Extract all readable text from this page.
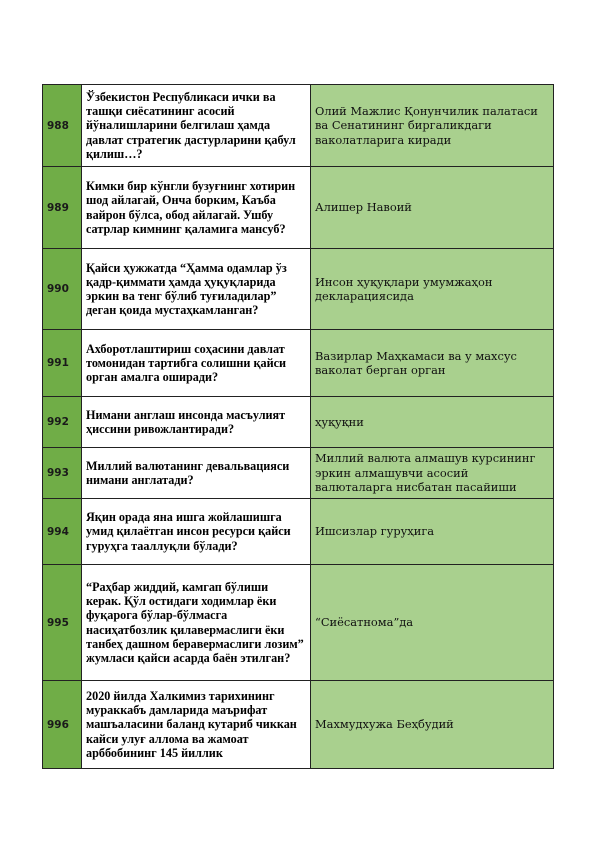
988	Ўзбекистон Республикаси ички ва ташқи сиёсатининг асосий йўналишларини белгилаш ҳамда давлат стратегик дастурларини қабул қилиш…?	Олий Мажлис Қонунчилик палатаси ва Сенатининг биргаликдаги ваколатларига киради
989	Кимки бир кўнгли бузуғнинг хотирин шод айлагай, Онча борким, Каъба вайрон бўлса, обод айлагай. Ушбу сатрлар кимнинг қаламига мансуб?	Алишер Навоий
990	Қайси ҳужжатда “Ҳамма одамлар ўз қадр-қиммати ҳамда ҳуқуқларида эркин ва тенг бўлиб туғиладилар” деган қоида мустаҳкамланган?	Инсон ҳуқуқлари умумжаҳон декларациясида
991	Ахборотлаштириш соҳасини давлат томонидан тартибга солишни қайси орган амалга оширади?	Вазирлар Маҳкамаси ва у махсус ваколат берган орган
992	Нимани англаш инсонда масъулият ҳиссини ривожлантиради?	ҳуқуқни
993	Миллий валютанинг девальвацияси нимани англатади?	Миллий валюта алмашув курсининг эркин алмашувчи асосий валюталарга нисбатан пасайиши
994	Яқин орада яна ишга жойлашишга умид қилаётган инсон ресурси қайси гуруҳга тааллуқли бўлади?	Ишсизлар гуруҳига
995	“Раҳбар жиддий, камгап бўлиши керак. Қўл остидаги ходимлар ёки фуқарога бўлар-бўлмасга насиҳатбозлик қилавермаслиги ёки танбеҳ дашном беравермаслиги лозим” жумласи қайси асарда баён этилган?	“Сиёсатнома”да
996	2020 йилда Халкимиз тарихининг мураккабъ дамларида маърифат машъаласини баланд кутариб чиккан кайси улуғ аллома ва жамоат арббобининг 145 йиллик	Махмудхужа Беҳбудий
